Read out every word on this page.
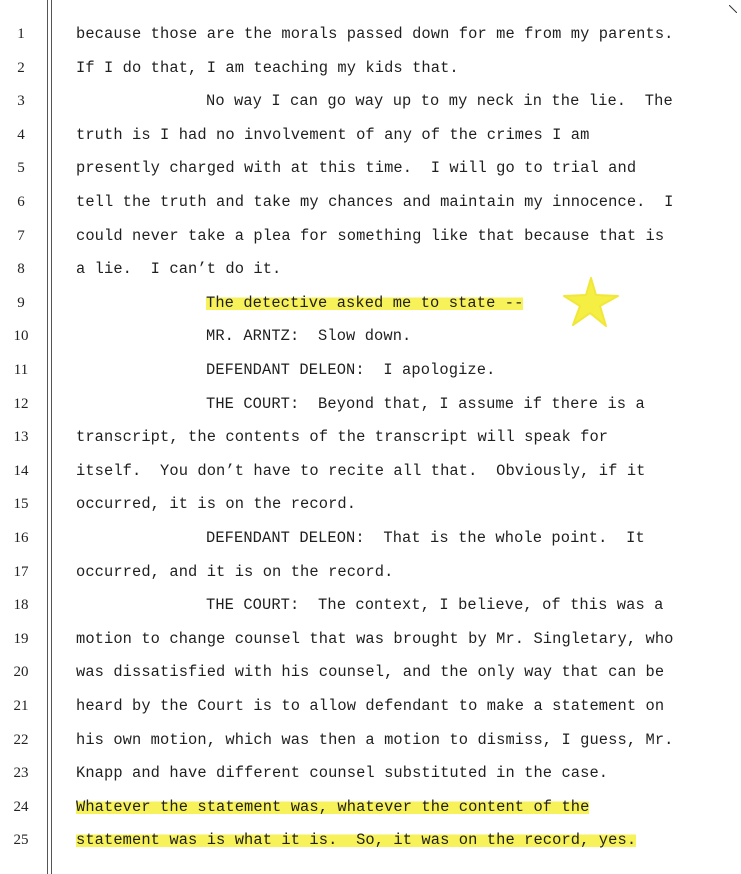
1	because those are the morals passed down for me from my parents.
2	If I do that, I am teaching my kids that.
3	No way I can go way up to my neck in the lie.  The
4	truth is I had no involvement of any of the crimes I am
5	presently charged with at this time.  I will go to trial and
6	tell the truth and take my chances and maintain my innocence.  I
7	could never take a plea for something like that because that is
8	a lie.  I can’t do it.
9	The detective asked me to state --
10	MR. ARNTZ:  Slow down.
11	DEFENDANT DELEON:  I apologize.
12	THE COURT:  Beyond that, I assume if there is a
13	transcript, the contents of the transcript will speak for
14	itself.  You don’t have to recite all that.  Obviously, if it
15	occurred, it is on the record.
16	DEFENDANT DELEON:  That is the whole point.  It
17	occurred, and it is on the record.
18	THE COURT:  The context, I believe, of this was a
19	motion to change counsel that was brought by Mr. Singletary, who
20	was dissatisfied with his counsel, and the only way that can be
21	heard by the Court is to allow defendant to make a statement on
22	his own motion, which was then a motion to dismiss, I guess, Mr.
23	Knapp and have different counsel substituted in the case.
24	Whatever the statement was, whatever the content of the
25	statement was is what it is.  So, it was on the record, yes.
